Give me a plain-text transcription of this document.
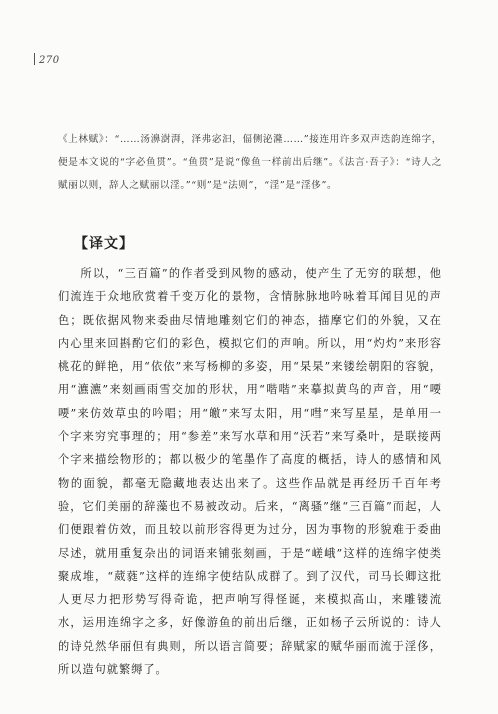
270

《上林赋》：“……汤濞澍湃，泽弗宓汩，偪侧泌漋……”接连用许多双声迭韵连绵字，便是本文说的“字必鱼贯”。“鱼贯”是说“像鱼一样前出后继”。《法言·吾子》：“诗人之赋丽以则，辞人之赋丽以淫。”“则”是“法则”，“淫”是“淫侈”。

【译文】

所以，“三百篇”的作者受到风物的感动，使产生了无穷的联想，他们流连于众地欣赏着千变万化的景物，含情脉脉地吟咏着耳闻目见的声色；既依据风物来委曲尽情地雕刻它们的神态，描摩它们的外貌，又在内心里来回斟酌它们的彩色，模拟它们的声响。所以，用“灼灼”来形容桃花的鲜艳，用“依依”来写杨柳的多姿，用“杲杲”来镂绘朝阳的容貌，用“瀌瀌”来刻画雨雪交加的形状，用“喈喈”来摹拟黄鸟的声音，用“喓喓”来仿效草虫的吟唱；用“皦”来写太阳，用“嘒”来写星星，是单用一个字来穷究事理的；用“参差”来写水草和用“沃若”来写桑叶，是联接两个字来描绘物形的；都以极少的笔墨作了高度的概括，诗人的感情和风物的面貌，都毫无隐藏地表达出来了。这些作品就是再经历千百年考验，它们美丽的辞藻也不易被改动。后来，“离骚”继“三百篇”而起，人们便跟着仿效，而且较以前形容得更为过分，因为事物的形貌难于委曲尽述，就用重复杂出的词语来铺张刻画，于是“嵯峨”这样的连绵字使类聚成堆，“葳蕤”这样的连绵字使结队成群了。到了汉代，司马长卿这批人更尽力把形势写得奇诡，把声响写得怪诞，来模拟高山，来雕镂流水，运用连绵字之多，好像游鱼的前出后继，正如杨子云所说的：诗人的诗兑然华丽但有典则，所以语言简要；辞赋家的赋华丽而流于淫侈，所以造句就繁缛了。
